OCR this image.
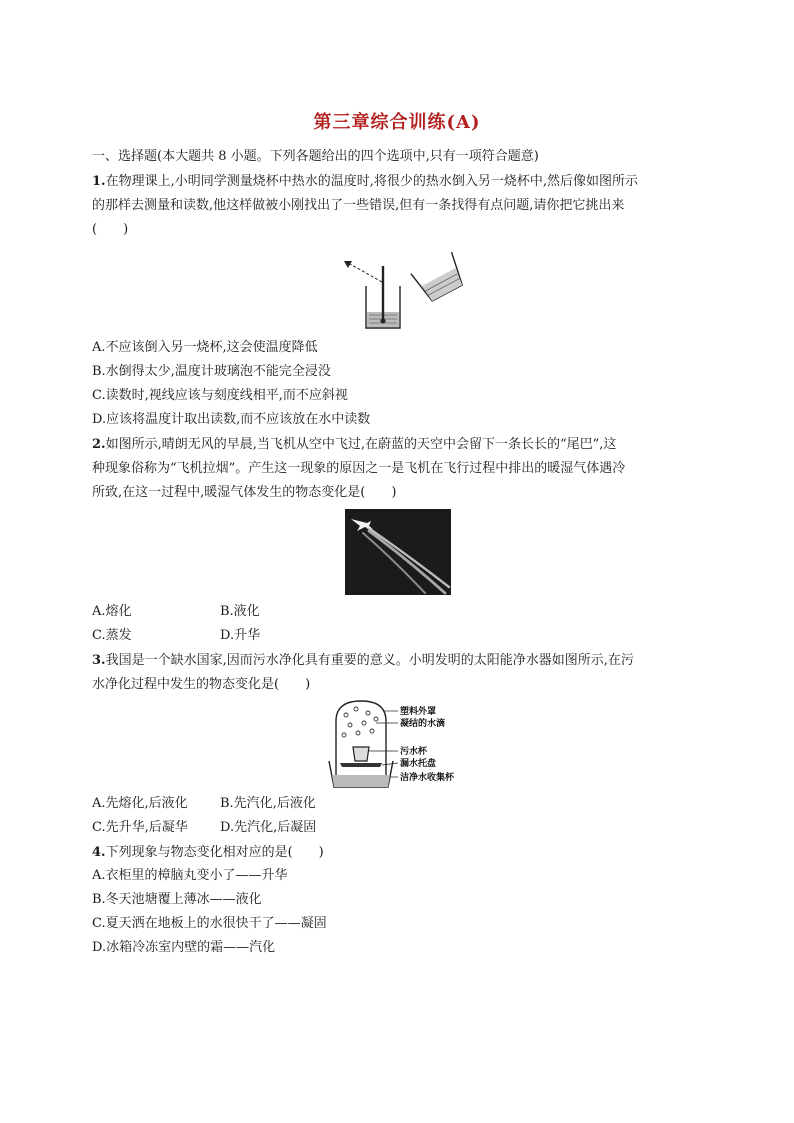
第三章综合训练(A)
一、选择题(本大题共 8 小题。下列各题给出的四个选项中,只有一项符合题意)
1.在物理课上,小明同学测量烧杯中热水的温度时,将很少的热水倒入另一烧杯中,然后像如图所示
的那样去测量和读数,他这样做被小刚找出了一些错误,但有一条找得有点问题,请你把它挑出来
(　　)
A.不应该倒入另一烧杯,这会使温度降低
B.水倒得太少,温度计玻璃泡不能完全浸没
C.读数时,视线应该与刻度线相平,而不应斜视
D.应该将温度计取出读数,而不应该放在水中读数
2.如图所示,晴朗无风的早晨,当飞机从空中飞过,在蔚蓝的天空中会留下一条长长的“尾巴”,这
种现象俗称为“飞机拉烟”。产生这一现象的原因之一是飞机在飞行过程中排出的暖湿气体遇冷
所致,在这一过程中,暖湿气体发生的物态变化是(　　)
A.熔化	B.液化
C.蒸发	D.升华
3.我国是一个缺水国家,因而污水净化具有重要的意义。小明发明的太阳能净水器如图所示,在污
水净化过程中发生的物态变化是(　　)
塑料外罩
凝结的水滴
污水杯
漏水托盘
洁净水收集杯
A.先熔化,后液化 B.先汽化,后液化
C.先升华,后凝华 D.先汽化,后凝固
4.下列现象与物态变化相对应的是(　　)
A.衣柜里的樟脑丸变小了——升华
B.冬天池塘覆上薄冰——液化
C.夏天洒在地板上的水很快干了——凝固
D.冰箱冷冻室内壁的霜——汽化
